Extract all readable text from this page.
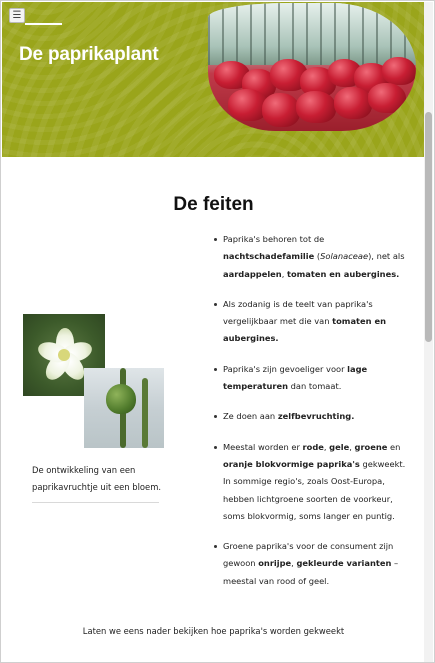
☰
De paprikaplant
De feiten

De ontwikkeling van een paprikavruchtje uit een bloem.

Paprika's behoren tot de nachtschadefamilie (Solanaceae), net als aardappelen, tomaten en aubergines.
Als zodanig is de teelt van paprika's vergelijkbaar met die van tomaten en aubergines.
Paprika's zijn gevoeliger voor lage temperaturen dan tomaat.
Ze doen aan zelfbevruchting.
Meestal worden er rode, gele, groene en oranje blokvormige paprika's gekweekt. In sommige regio's, zoals Oost-Europa, hebben lichtgroene soorten de voorkeur, soms blokvormig, soms langer en puntig.
Groene paprika's voor de consument zijn gewoon onrijpe, gekleurde varianten – meestal van rood of geel.

Laten we eens nader bekijken hoe paprika's worden gekweekt
